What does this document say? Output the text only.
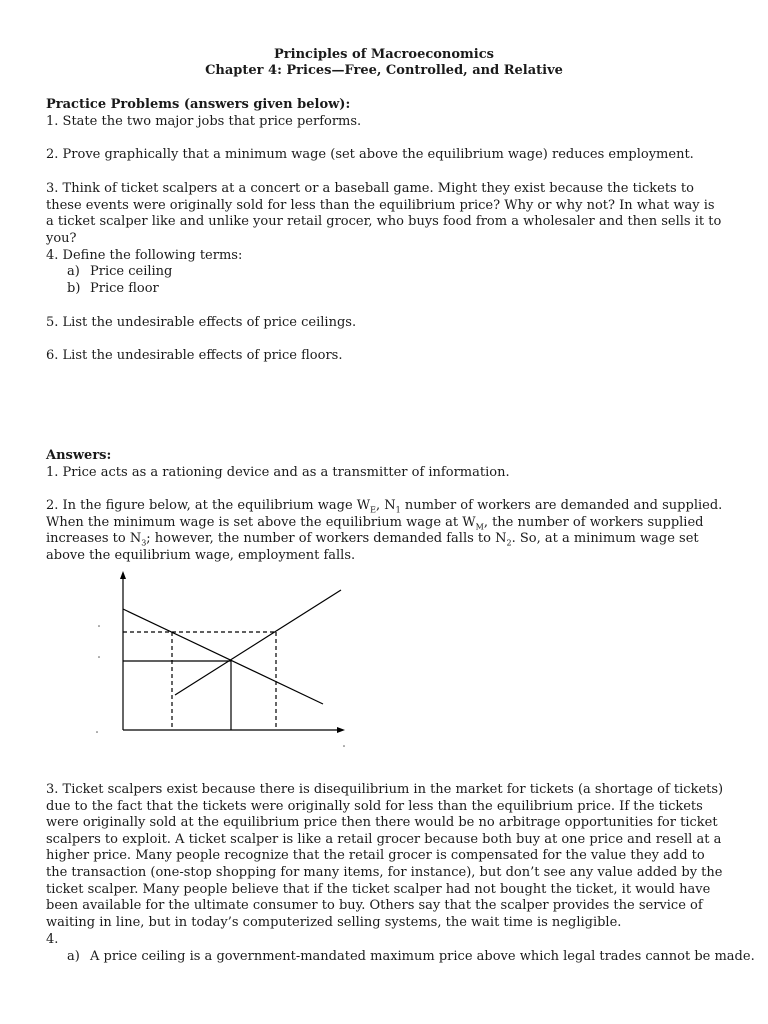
Principles of Macroeconomics
Chapter 4: Prices—Free, Controlled, and Relative

Practice Problems (answers given below):

1. State the two major jobs that price performs.

2. Prove graphically that a minimum wage (set above the equilibrium wage) reduces employment.

3. Think of ticket scalpers at a concert or a baseball game. Might they exist because the tickets to these events were originally sold for less than the equilibrium price? Why or why not? In what way is a ticket scalper like and unlike your retail grocer, who buys food from a wholesaler and then sells it to you?

4. Define the following terms:

a) Price ceiling

b) Price floor

5. List the undesirable effects of price ceilings.

6. List the undesirable effects of price floors.

Answers:

1. Price acts as a rationing device and as a transmitter of information.

2. In the figure below, at the equilibrium wage $W_E$, $N_1$ number of workers are demanded and supplied. When the minimum wage is set above the equilibrium wage at $W_M$, the number of workers supplied increases to $N_3$; however, the number of workers demanded falls to $N_2$. So, at a minimum wage set above the equilibrium wage, employment falls.

3. Ticket scalpers exist because there is disequilibrium in the market for tickets (a shortage of tickets) due to the fact that the tickets were originally sold for less than the equilibrium price. If the tickets were originally sold at the equilibrium price then there would be no arbitrage opportunities for ticket scalpers to exploit. A ticket scalper is like a retail grocer because both buy at one price and resell at a higher price. Many people recognize that the retail grocer is compensated for the value they add to the transaction (one-stop shopping for many items, for instance), but don’t see any value added by the ticket scalper. Many people believe that if the ticket scalper had not bought the ticket, it would have been available for the ultimate consumer to buy. Others say that the scalper provides the service of waiting in line, but in today’s computerized selling systems, the wait time is negligible.

4.

a) A price ceiling is a government-mandated maximum price above which legal trades cannot be made.
